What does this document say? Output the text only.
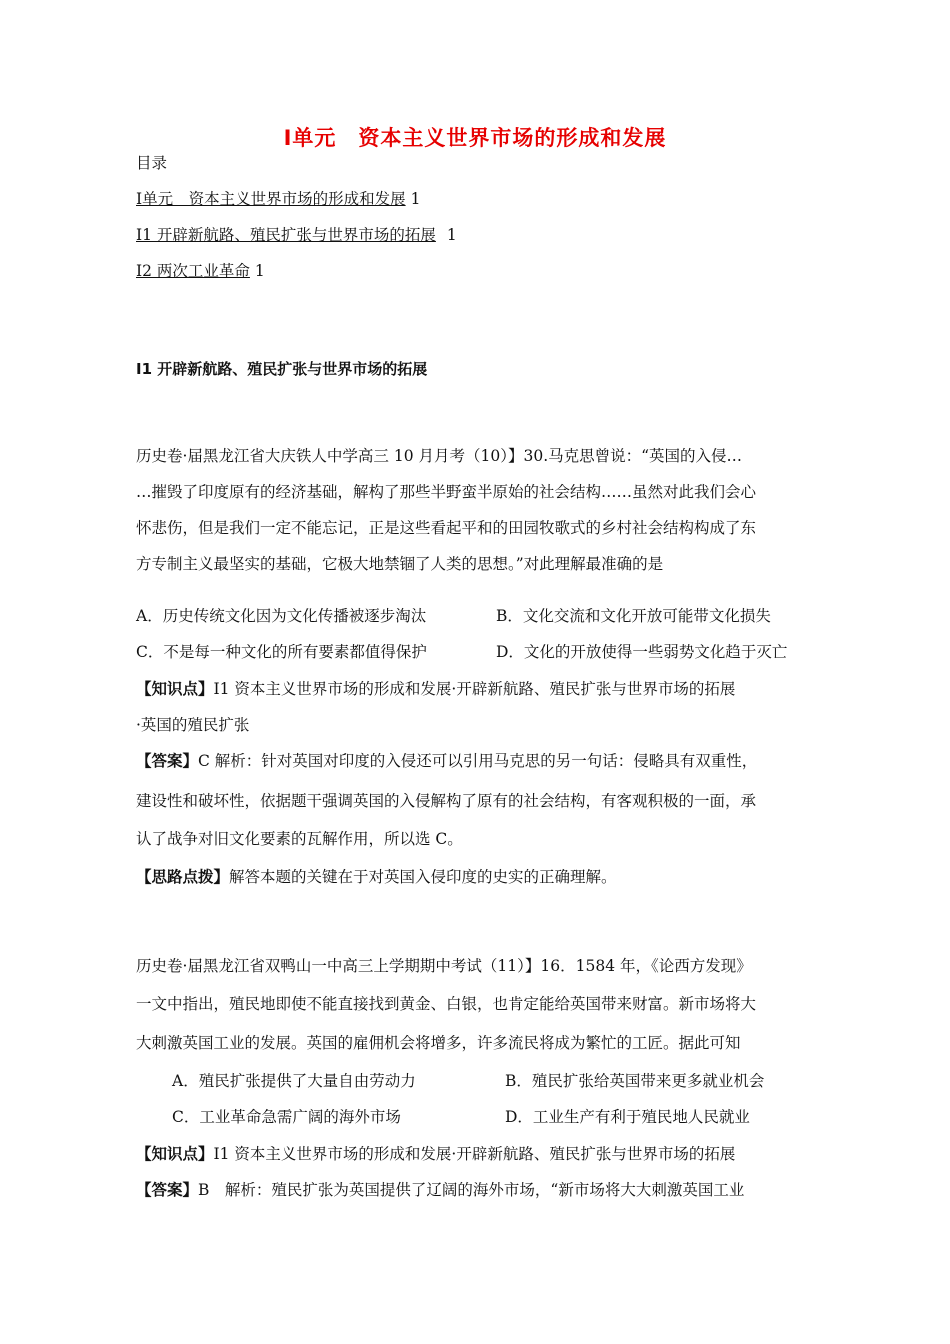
Ⅰ单元　资本主义世界市场的形成和发展
目录
Ⅰ单元　资本主义世界市场的形成和发展 1
I1 开辟新航路、殖民扩张与世界市场的拓展 1
I2 两次工业革命 1
I1 开辟新航路、殖民扩张与世界市场的拓展
历史卷·届黑龙江省大庆铁人中学高三 10 月月考（10）】30.马克思曾说：“英国的入侵…
…摧毁了印度原有的经济基础，解构了那些半野蛮半原始的社会结构……虽然对此我们会心
怀悲伤，但是我们一定不能忘记，正是这些看起平和的田园牧歌式的乡村社会结构构成了东
方专制主义最坚实的基础，它极大地禁锢了人类的思想。”对此理解最准确的是
A．历史传统文化因为文化传播被逐步淘汰	B．文化交流和文化开放可能带文化损失
C．不是每一种文化的所有要素都值得保护	D．文化的开放使得一些弱势文化趋于灭亡
【知识点】I1 资本主义世界市场的形成和发展·开辟新航路、殖民扩张与世界市场的拓展
·英国的殖民扩张
【答案】C 解析：针对英国对印度的入侵还可以引用马克思的另一句话：侵略具有双重性，
建设性和破坏性，依据题干强调英国的入侵解构了原有的社会结构，有客观积极的一面，承
认了战争对旧文化要素的瓦解作用，所以选 C。
【思路点拨】解答本题的关键在于对英国入侵印度的史实的正确理解。
历史卷·届黑龙江省双鸭山一中高三上学期期中考试（11）】16．1584 年，《论西方发现》
一文中指出，殖民地即使不能直接找到黄金、白银，也肯定能给英国带来财富。新市场将大
大刺激英国工业的发展。英国的雇佣机会将增多，许多流民将成为繁忙的工匠。据此可知
A．殖民扩张提供了大量自由劳动力	B．殖民扩张给英国带来更多就业机会
C．工业革命急需广阔的海外市场	D．工业生产有利于殖民地人民就业
【知识点】I1 资本主义世界市场的形成和发展·开辟新航路、殖民扩张与世界市场的拓展
【答案】B　解析：殖民扩张为英国提供了辽阔的海外市场，“新市场将大大刺激英国工业
